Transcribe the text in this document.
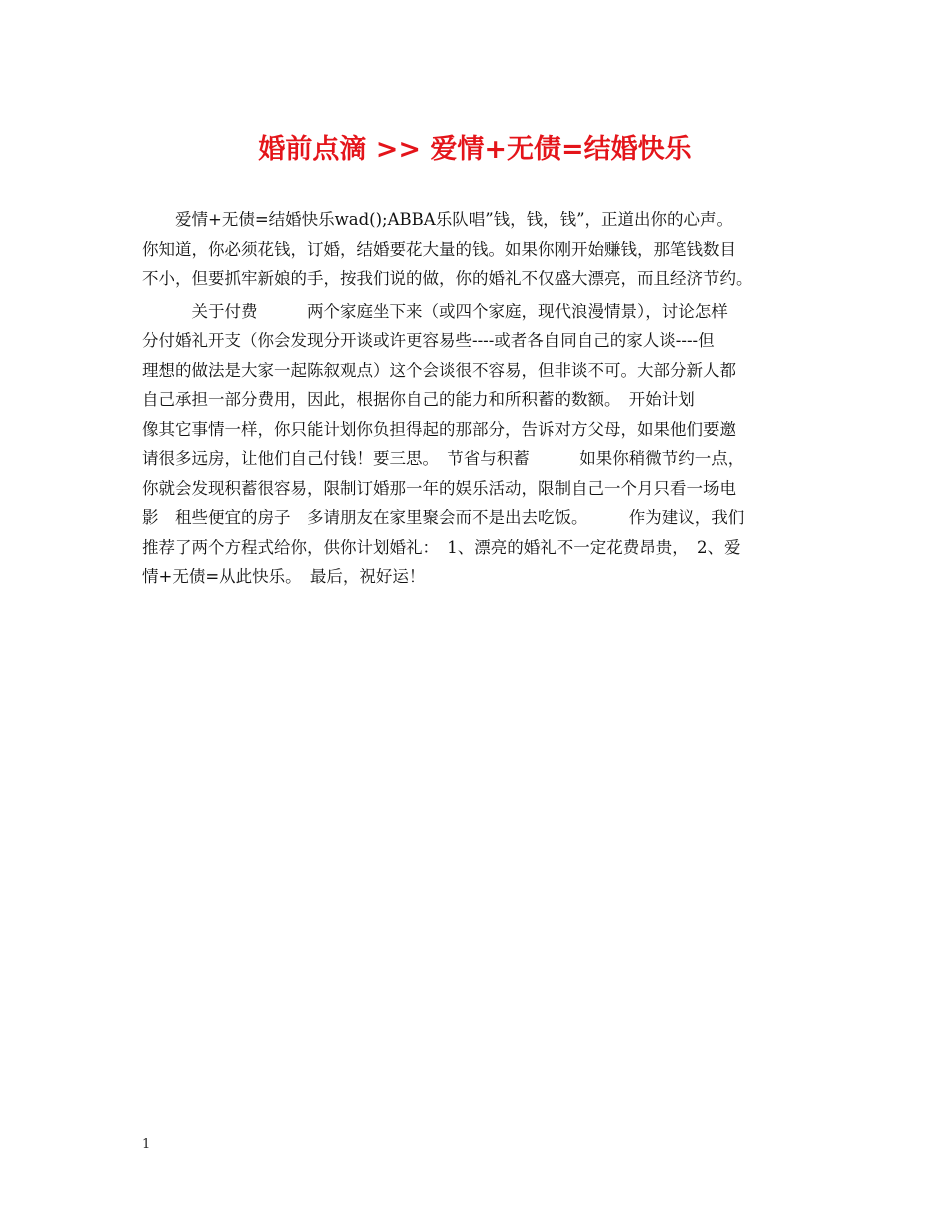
婚前点滴 >> 爱情+无债=结婚快乐
　　爱情+无债=结婚快乐wad();ABBA乐队唱”钱，钱，钱”，正道出你的心声。
你知道，你必须花钱，订婚，结婚要花大量的钱。如果你刚开始赚钱，那笔钱数目
不小，但要抓牢新娘的手，按我们说的做，你的婚礼不仅盛大漂亮，而且经济节约。
　　　关于付费　　　两个家庭坐下来（或四个家庭，现代浪漫情景），讨论怎样
分付婚礼开支（你会发现分开谈或许更容易些----或者各自同自己的家人谈----但
理想的做法是大家一起陈叙观点）这个会谈很不容易，但非谈不可。大部分新人都
自己承担一部分费用，因此，根据你自己的能力和所积蓄的数额。　开始计划
像其它事情一样，你只能计划你负担得起的那部分，告诉对方父母，如果他们要邀
请很多远房，让他们自己付钱！要三思。　节省与积蓄　　　如果你稍微节约一点，
你就会发现积蓄很容易，限制订婚那一年的娱乐活动，限制自己一个月只看一场电
影　租些便宜的房子　多请朋友在家里聚会而不是出去吃饭。　　　作为建议，我们
推荐了两个方程式给你，供你计划婚礼：　1、漂亮的婚礼不一定花费昂贵，　2、爱
情+无债=从此快乐。　最后，祝好运！
1
